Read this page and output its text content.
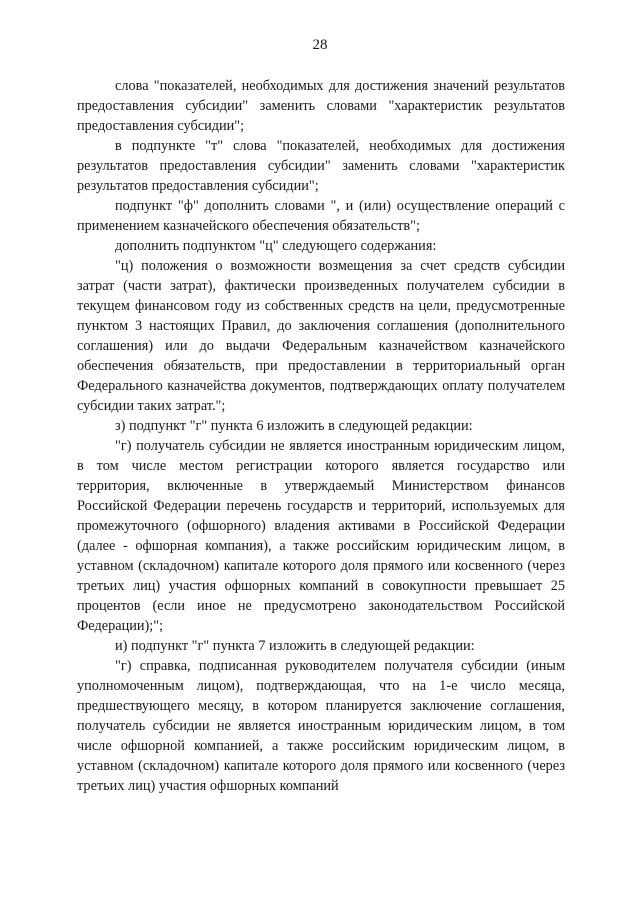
28

слова "показателей, необходимых для достижения значений результатов предоставления субсидии" заменить словами "характеристик результатов предоставления субсидии";

в подпункте "т" слова "показателей, необходимых для достижения результатов предоставления субсидии" заменить словами "характеристик результатов предоставления субсидии";

подпункт "ф" дополнить словами ", и (или) осуществление операций с применением казначейского обеспечения обязательств";

дополнить подпунктом "ц" следующего содержания:

"ц) положения о возможности возмещения за счет средств субсидии затрат (части затрат), фактически произведенных получателем субсидии в текущем финансовом году из собственных средств на цели, предусмотренные пунктом 3 настоящих Правил, до заключения соглашения (дополнительного соглашения) или до выдачи Федеральным казначейством казначейского обеспечения обязательств, при предоставлении в территориальный орган Федерального казначейства документов, подтверждающих оплату получателем субсидии таких затрат.";

з) подпункт "г" пункта 6 изложить в следующей редакции:

"г) получатель субсидии не является иностранным юридическим лицом, в том числе местом регистрации которого является государство или территория, включенные в утверждаемый Министерством финансов Российской Федерации перечень государств и территорий, используемых для промежуточного (офшорного) владения активами в Российской Федерации (далее - офшорная компания), а также российским юридическим лицом, в уставном (складочном) капитале которого доля прямого или косвенного (через третьих лиц) участия офшорных компаний в совокупности превышает 25 процентов (если иное не предусмотрено законодательством Российской Федерации);";

и) подпункт "г" пункта 7 изложить в следующей редакции:

"г) справка, подписанная руководителем получателя субсидии (иным уполномоченным лицом), подтверждающая, что на 1-е число месяца, предшествующего месяцу, в котором планируется заключение соглашения, получатель субсидии не является иностранным юридическим лицом, в том числе офшорной компанией, а также российским юридическим лицом, в уставном (складочном) капитале которого доля прямого или косвенного (через третьих лиц) участия офшорных компаний
